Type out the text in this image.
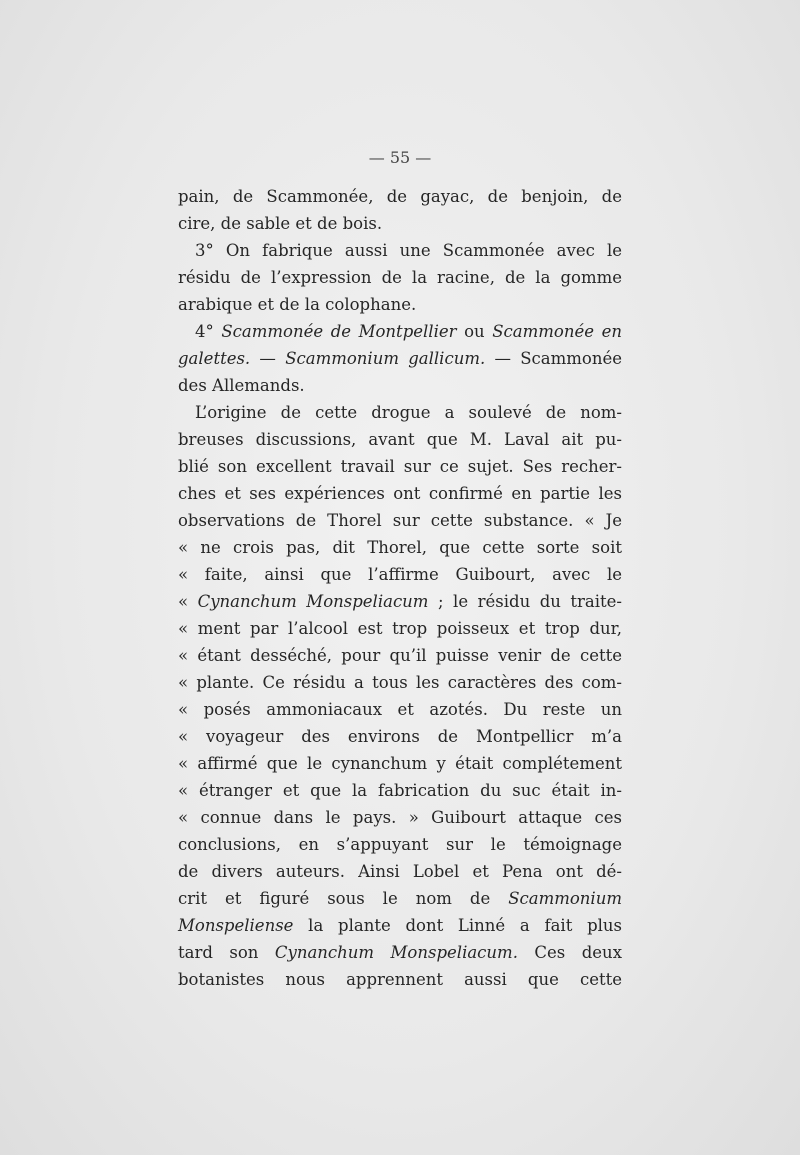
— 55 —
pain, de Scammonée, de gayac, de benjoin, de
cire, de sable et de bois.
3° On fabrique aussi une Scammonée avec le
résidu de l’expression de la racine, de la gomme
arabique et de la colophane.
4° Scammonée de Montpellier ou Scammonée en
galettes. — Scammonium gallicum. — Scammonée
des Allemands.
L’origine de cette drogue a soulevé de nom-
breuses discussions, avant que M. Laval ait pu-
blié son excellent travail sur ce sujet. Ses recher-
ches et ses expériences ont confirmé en partie les
observations de Thorel sur cette substance. « Je
« ne crois pas, dit Thorel, que cette sorte soit
« faite, ainsi que l’affirme Guibourt, avec le
« Cynanchum Monspeliacum ; le résidu du traite-
« ment par l’alcool est trop poisseux et trop dur,
« étant desséché, pour qu’il puisse venir de cette
« plante. Ce résidu a tous les caractères des com-
« posés ammoniacaux et azotés. Du reste un
« voyageur des environs de Montpellicr m’a
« affirmé que le cynanchum y était complétement
« étranger et que la fabrication du suc était in-
« connue dans le pays. » Guibourt attaque ces
conclusions, en s’appuyant sur le témoignage
de divers auteurs. Ainsi Lobel et Pena ont dé-
crit et figuré sous le nom de Scammonium
Monspeliense la plante dont Linné a fait plus
tard son Cynanchum Monspeliacum. Ces deux
botanistes nous apprennent aussi que cette
